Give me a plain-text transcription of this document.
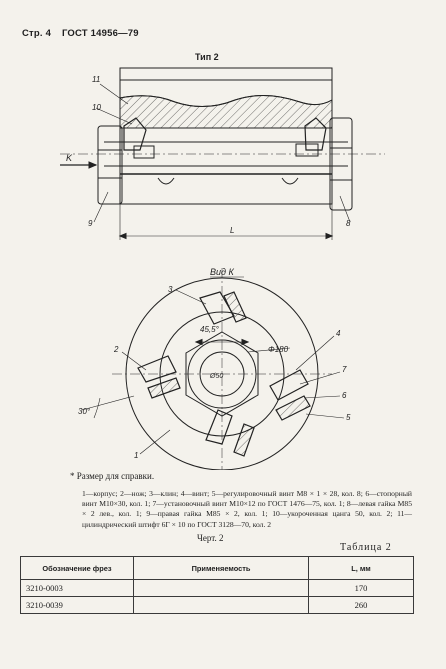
Стр. 4 ГОСТ 14956—79
Тип 2
11
10
9	8
K
L
Вид К
45,5°
Φ180
Ø50
30°
3
2
1
4
7
6
5
* Размер для справки.
1—корпус; 2—нож; 3—клин; 4—винт; 5—регулировочный винт М8 × 1 × 28, кол. 8; 6—стопорный винт М10×30, кол. 1; 7—установочный винт М10×12 по ГОСТ 1476—75, кол. 1; 8—левая гайка М85 × 2 лев., кол. 1; 9—правая гайка М85 × 2, кол. 1; 10—укороченная цанга 50, кол. 2; 11—цилиндрический штифт 6Г × 10 по ГОСТ 3128—70, кол. 2
Черт. 2
Таблица 2
Обозначение фрез	Применяемость	L, мм
3210-0003		170
3210-0039		260
